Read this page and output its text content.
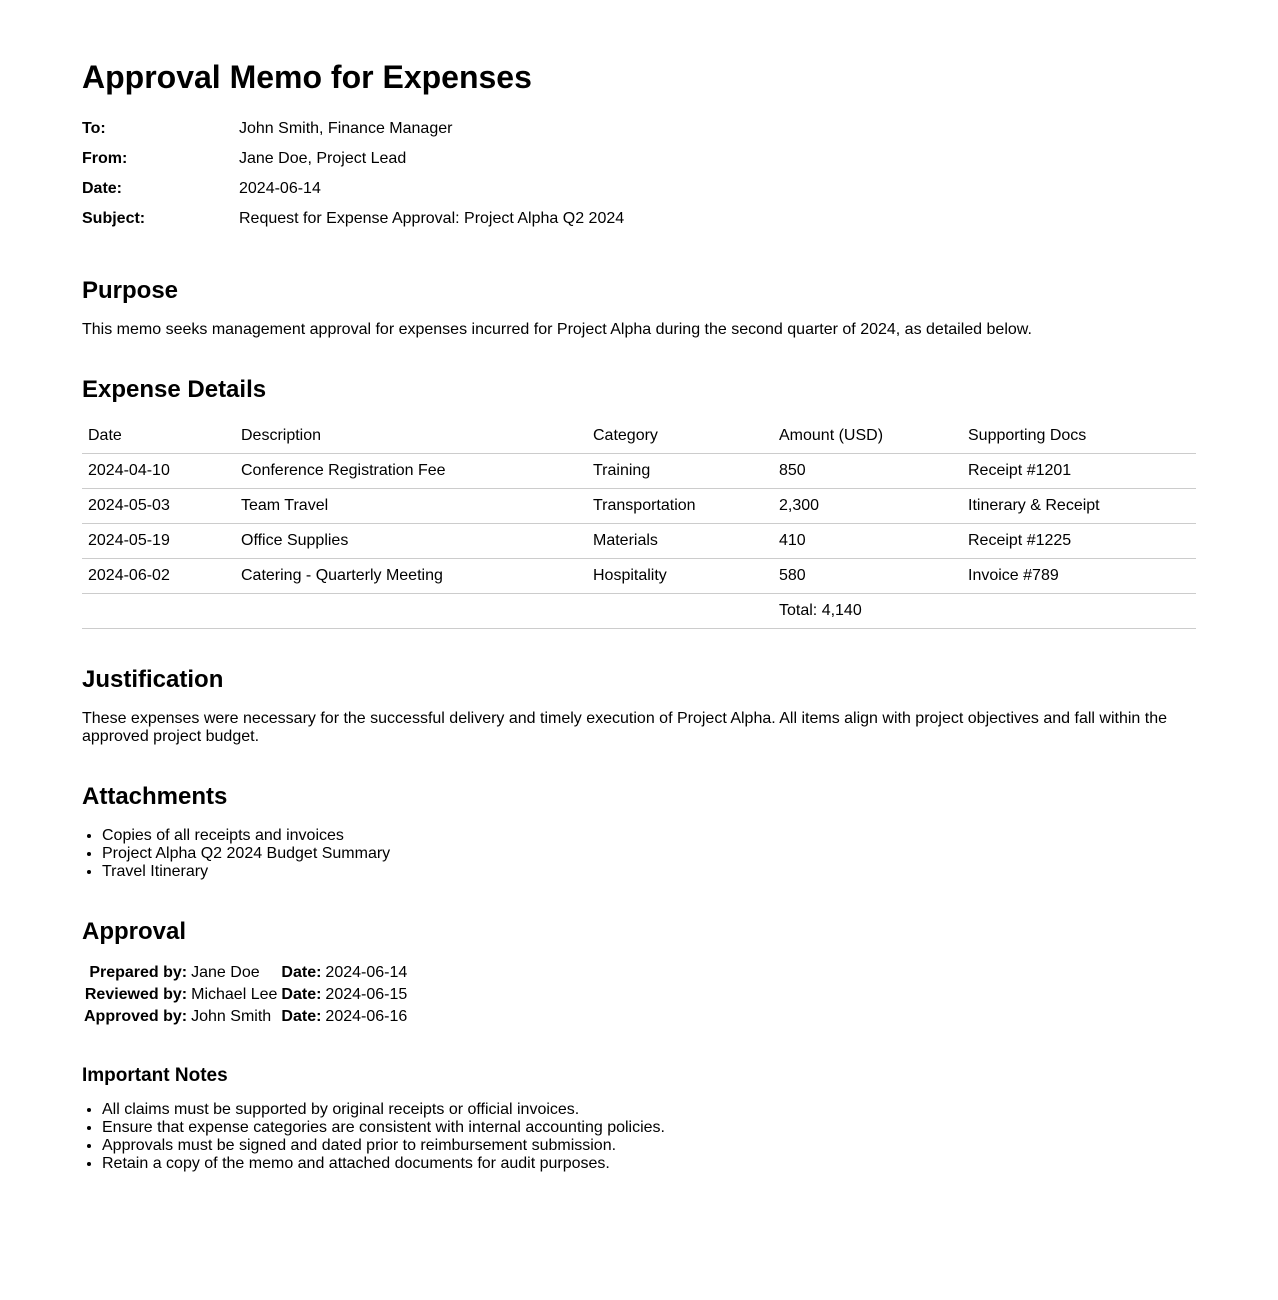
Approval Memo for Expenses
To:	John Smith, Finance Manager
From:	Jane Doe, Project Lead
Date:	2024-06-14
Subject:	Request for Expense Approval: Project Alpha Q2 2024
Purpose

This memo seeks management approval for expenses incurred for Project Alpha during the second quarter of 2024, as detailed below.

Expense Details
Date	Description	Category	Amount (USD)	Supporting Docs
2024-04-10	Conference Registration Fee	Training	850	Receipt #1201
2024-05-03	Team Travel	Transportation	2,300	Itinerary & Receipt
2024-05-19	Office Supplies	Materials	410	Receipt #1225
2024-06-02	Catering - Quarterly Meeting	Hospitality	580	Invoice #789
			Total: 4,140	
Justification

These expenses were necessary for the successful delivery and timely execution of Project Alpha. All items align with project objectives and fall within the approved project budget.

Attachments
• Copies of all receipts and invoices
• Project Alpha Q2 2024 Budget Summary
• Travel Itinerary
Approval
Prepared by:	Jane Doe	Date:	2024-06-14
Reviewed by:	Michael Lee	Date:	2024-06-15
Approved by:	John Smith	Date:	2024-06-16
Important Notes
• All claims must be supported by original receipts or official invoices.
• Ensure that expense categories are consistent with internal accounting policies.
• Approvals must be signed and dated prior to reimbursement submission.
• Retain a copy of the memo and attached documents for audit purposes.
